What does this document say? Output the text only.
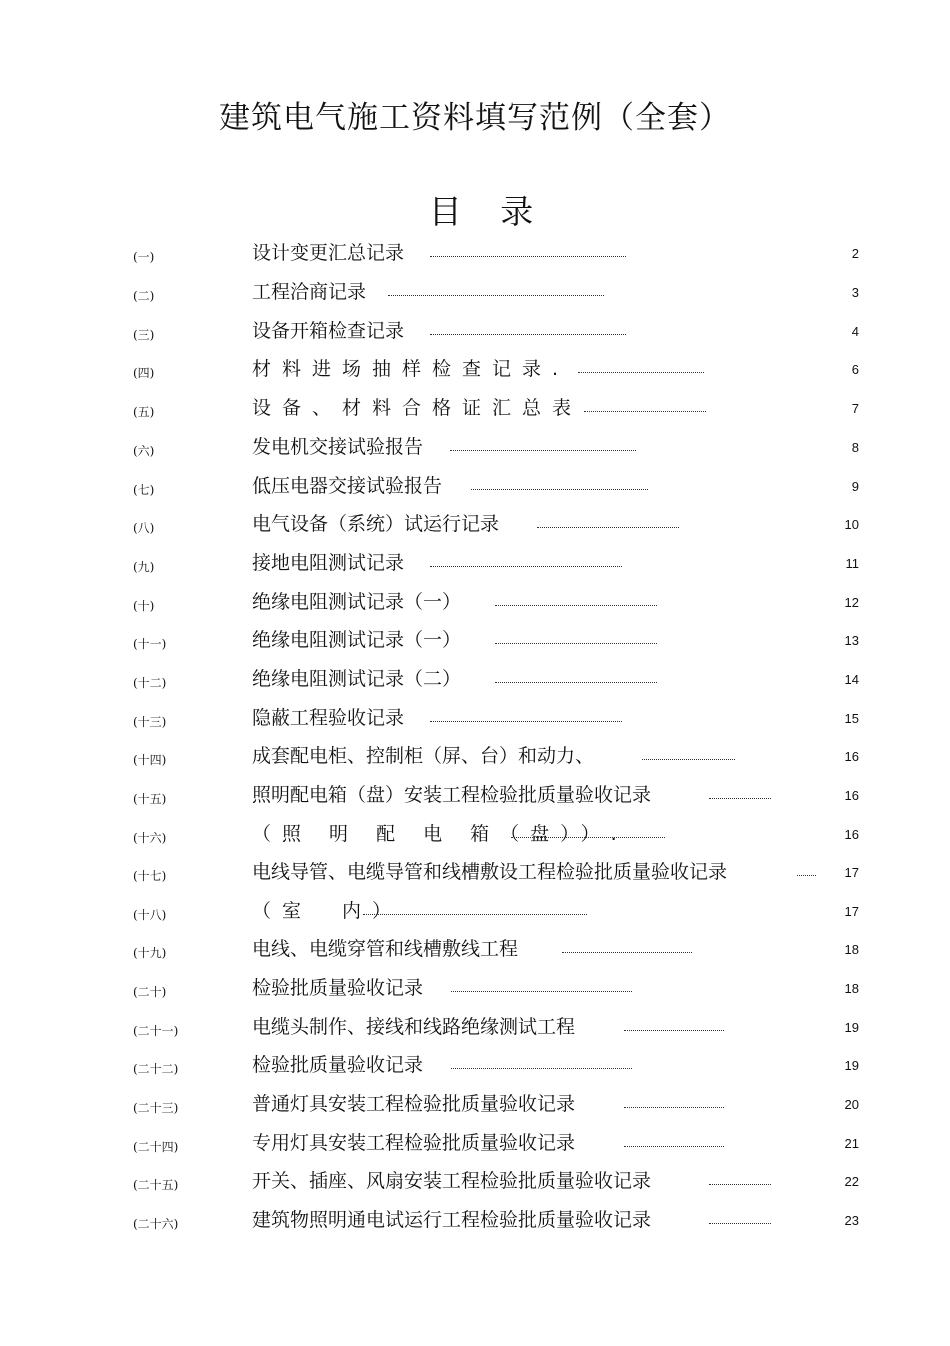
建筑电气施工资料填写范例（全套）
目 录
(一)	设计变更汇总记录	2
(二)	工程洽商记录	3
(三)	设备开箱检查记录	4
(四)	材料进场抽样检查记录.	6
(五)	设备、材料合格证汇总表	7
(六)	发电机交接试验报告	8
(七)	低压电器交接试验报告	9
(八)	电气设备（系统）试运行记录	10
(九)	接地电阻测试记录	11
(十)	绝缘电阻测试记录（一）	12
(十一)	绝缘电阻测试记录（一）	13
(十二)	绝缘电阻测试记录（二）	14
(十三)	隐蔽工程验收记录	15
(十四)	成套配电柜、控制柜（屏、台）和动力、	16
(十五)	照明配电箱（盘）安装工程检验批质量验收记录	16
(十六)	（照 明 配 电 箱（盘））.	16
(十七)	电线导管、电缆导管和线槽敷设工程检验批质量验收记录	17
(十八)	（室　内）	17
(十九)	电线、电缆穿管和线槽敷线工程	18
(二十)	检验批质量验收记录	18
(二十一)	电缆头制作、接线和线路绝缘测试工程	19
(二十二)	检验批质量验收记录	19
(二十三)	普通灯具安装工程检验批质量验收记录	20
(二十四)	专用灯具安装工程检验批质量验收记录	21
(二十五)	开关、插座、风扇安装工程检验批质量验收记录	22
(二十六)	建筑物照明通电试运行工程检验批质量验收记录	23
